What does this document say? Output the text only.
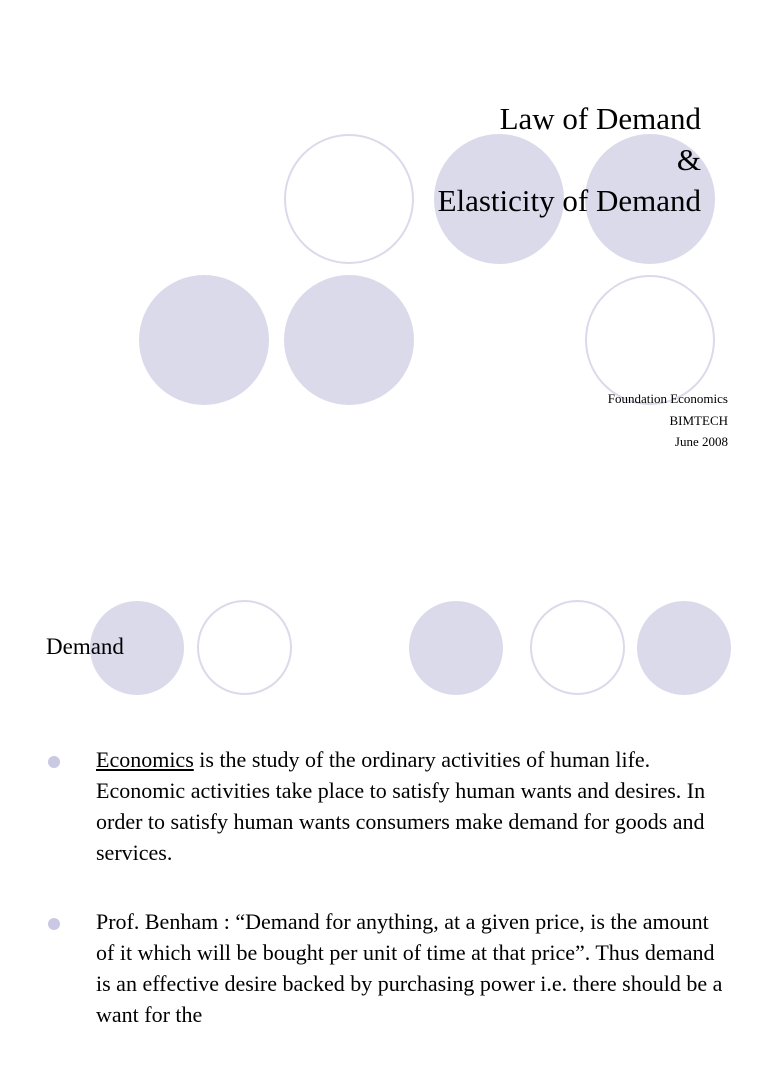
Law of Demand
&
Elasticity of Demand
Foundation Economics
BIMTECH
June 2008
Demand
Economics is the study of the ordinary activities of human life. Economic activities take place to satisfy human wants and desires. In order to satisfy human wants consumers make demand for goods and services.
Prof. Benham : “Demand for anything, at a given price, is the amount of it which will be bought per unit of time at that price”. Thus demand is an effective desire backed by purchasing power i.e. there should be a want for the
